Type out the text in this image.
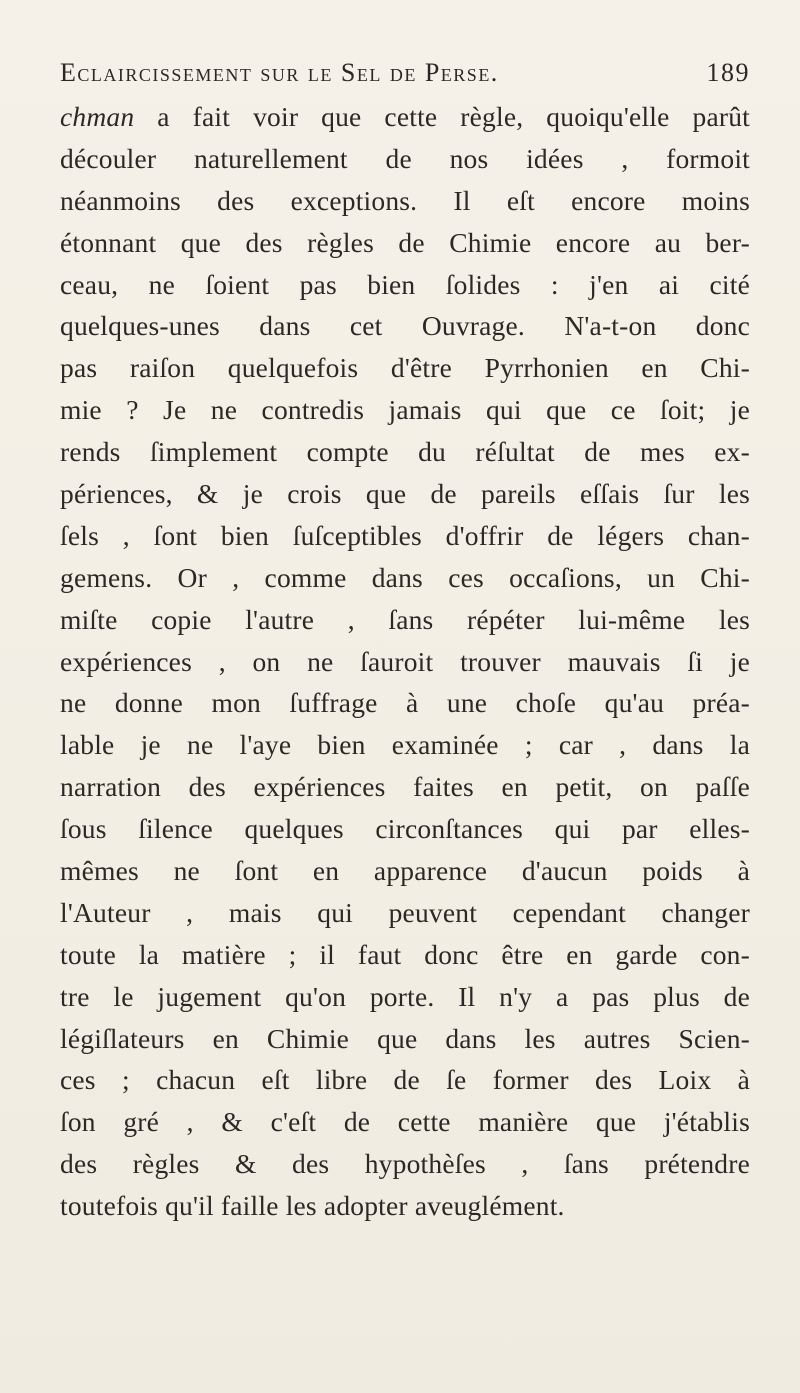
Eclaircissement sur le Sel de Perse.	189
chman a fait voir que cette règle, quoiqu'elle parût
découler naturellement de nos idées , formoit
néanmoins des exceptions. Il eſt encore moins
étonnant que des règles de Chimie encore au ber-
ceau, ne ſoient pas bien ſolides : j'en ai cité
quelques-unes dans cet Ouvrage. N'a-t-on donc
pas raiſon quelquefois d'être Pyrrhonien en Chi-
mie ? Je ne contredis jamais qui que ce ſoit; je
rends ſimplement compte du réſultat de mes ex-
périences, & je crois que de pareils eſſais ſur les
ſels , ſont bien ſuſceptibles d'offrir de légers chan-
gemens. Or , comme dans ces occaſions, un Chi-
miſte copie l'autre , ſans répéter lui-même les
expériences , on ne ſauroit trouver mauvais ſi je
ne donne mon ſuffrage à une choſe qu'au préa-
lable je ne l'aye bien examinée ; car , dans la
narration des expériences faites en petit, on paſſe
ſous ſilence quelques circonſtances qui par elles-
mêmes ne ſont en apparence d'aucun poids à
l'Auteur , mais qui peuvent cependant changer
toute la matière ; il faut donc être en garde con-
tre le jugement qu'on porte. Il n'y a pas plus de
légiſlateurs en Chimie que dans les autres Scien-
ces ; chacun eſt libre de ſe former des Loix à
ſon gré , & c'eſt de cette manière que j'établis
des règles & des hypothèſes , ſans prétendre
toutefois qu'il faille les adopter aveuglément.
